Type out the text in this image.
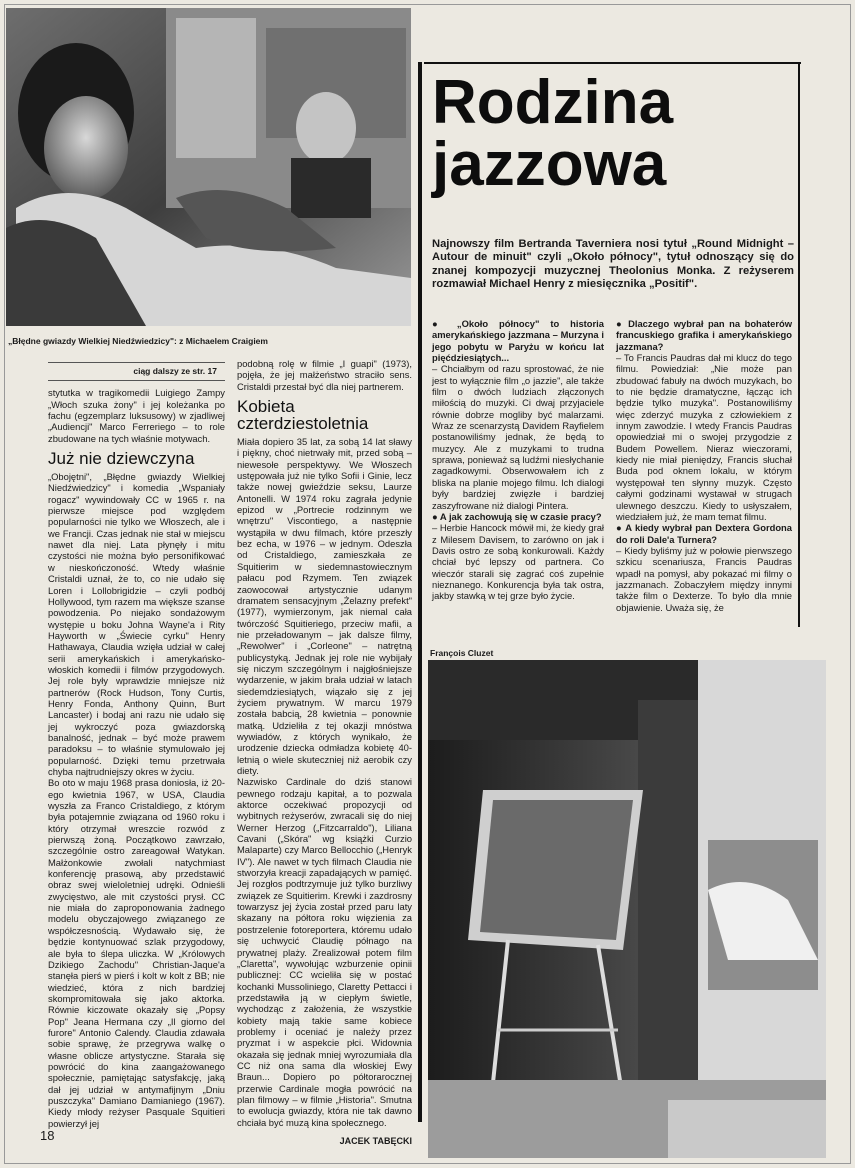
„Błędne gwiazdy Wielkiej Niedźwiedzicy": z Michaelem Craigiem
ciąg dalszy ze str. 17

stytutka w tragikomedii Luigiego Zampy „Włoch szuka żony" i jej koleżanka po fachu (egzemplarz luksusowy) w zjadliwej „Audiencji" Marco Ferreriego – to role zbudowane na tych właśnie motywach.

Już nie dziewczyna

„Obojętni", „Błędne gwiazdy Wielkiej Niedźwiedzicy" i komedia „Wspaniały rogacz" wywindowały CC w 1965 r. na pierwsze miejsce pod względem popularności nie tylko we Włoszech, ale i we Francji. Czas jednak nie stał w miejscu nawet dla niej. Lata płynęły i mitu czystości nie można było personifikować w nieskończoność. Wtedy właśnie Cristaldi uznał, że to, co nie udało się Loren i Lollobrigidzie – czyli podbój Hollywood, tym razem ma większe szanse powodzenia. Po niejako sondażowym występie u boku Johna Wayne'a i Rity Hayworth w „Świecie cyrku" Henry Hathawaya, Claudia wzięła udział w całej serii amerykańskich i amerykańsko-włoskich komedii i filmów przygodowych. Jej role były wprawdzie mniejsze niż partnerów (Rock Hudson, Tony Curtis, Henry Fonda, Anthony Quinn, Burt Lancaster) i bodaj ani razu nie udało się jej wykroczyć poza gwiazdorską banalność, jednak – być może prawem paradoksu – to właśnie stymulowało jej popularność. Dzięki temu przetrwała chyba najtrudniejszy okres w życiu.

Bo oto w maju 1968 prasa doniosła, iż 20-ego kwietnia 1967, w USA, Claudia wyszła za Franco Cristaldiego, z którym była potajemnie związana od 1960 roku i który otrzymał wreszcie rozwód z pierwszą żoną. Początkowo zawrzało, szczególnie ostro zareagował Watykan. Małżonkowie zwołali natychmiast konferencję prasową, aby przedstawić obraz swej wieloletniej udręki. Odnieśli zwycięstwo, ale mit czystości prysł. CC nie miała do zaproponowania żadnego modelu obyczajowego związanego ze współczesnością. Wydawało się, że będzie kontynuować szlak przygodowy, ale była to ślepa uliczka. W „Królowych Dzikiego Zachodu" Christian-Jaque'a stanęła pierś w pierś i kolt w kolt z BB; nie wiedzieć, która z nich bardziej skompromitowała się jako aktorka. Równie kiczowate okazały się „Popsy Pop" Jeana Hermana czy „Il giorno del furore" Antonio Calendy. Claudia zdawała sobie sprawę, że przegrywa walkę o własne oblicze artystyczne. Starała się powrócić do kina zaangażowanego społecznie, pamiętając satysfakcję, jaką dał jej udział w antymafijnym „Dniu puszczyka" Damiano Damianiego (1967). Kiedy młody reżyser Pasquale Squitieri powierzył jej

podobną rolę w filmie „I guapi" (1973), pojęła, że jej małżeństwo straciło sens. Cristaldi przestał być dla niej partnerem.

Kobieta czterdziestoletnia

Miała dopiero 35 lat, za sobą 14 lat sławy i piękny, choć nietrwały mit, przed sobą – niewesołe perspektywy. We Włoszech ustępowała już nie tylko Sofii i Ginie, lecz także nowej gwieździe seksu, Laurze Antonelli. W 1974 roku zagrała jedynie epizod w „Portrecie rodzinnym we wnętrzu" Viscontiego, a następnie wystąpiła w dwu filmach, które przeszły bez echa, w 1976 – w jednym. Odeszła od Cristaldiego, zamieszkała ze Squitierim w siedemnastowiecznym pałacu pod Rzymem. Ten związek zaowocował artystycznie udanym dramatem sensacyjnym „Żelazny prefekt" (1977), wymierzonym, jak niemal cała twórczość Squitieriego, przeciw mafii, a nie przeładowanym – jak dalsze filmy, „Rewolwer" i „Corleone" – natrętną publicystyką. Jednak jej role nie wybijały się niczym szczególnym i najgłośniejsze wydarzenie, w jakim brała udział w latach siedemdziesiątych, wiązało się z jej życiem prywatnym. W marcu 1979 została babcią, 28 kwietnia – ponownie matką. Udzieliła z tej okazji mnóstwa wywiadów, z których wynikało, że urodzenie dziecka odmładza kobietę 40-letnią o wiele skuteczniej niż aerobik czy diety.

Nazwisko Cardinale do dziś stanowi pewnego rodzaju kapitał, a to pozwala aktorce oczekiwać propozycji od wybitnych reżyserów, zwracali się do niej Werner Herzog („Fitzcarraldo"), Liliana Cavani („Skóra" wg książki Curzio Malaparte) czy Marco Bellocchio („Henryk IV"). Ale nawet w tych filmach Claudia nie stworzyła kreacji zapadających w pamięć. Jej rozgłos podtrzymuje już tylko burzliwy związek ze Squitierim. Krewki i zazdrosny towarzysz jej życia został przed paru laty skazany na półtora roku więzienia za postrzelenie fotoreportera, któremu udało się uchwycić Claudię półnago na prywatnej plaży. Zrealizował potem film „Claretta", wywołując wzburzenie opinii publicznej: CC wcieliła się w postać kochanki Mussoliniego, Claretty Pettacci i przedstawiła ją w ciepłym świetle, wychodząc z założenia, że wszystkie kobiety mają takie same kobiece problemy i oceniać je należy przez pryzmat i w aspekcie płci. Widownia okazała się jednak mniej wyrozumiała dla CC niż ona sama dla włoskiej Ewy Braun... Dopiero po półtorarocznej przerwie Cardinale mogła powrócić na plan filmowy – w filmie „Historia". Smutna to ewolucja gwiazdy, która nie tak dawno chciała być muzą kina społecznego.

JACEK TABĘCKI
Rodzina
jazzowa
Najnowszy film Bertranda Taverniera nosi tytuł „Round Midnight – Autour de minuit" czyli „Około północy", tytuł odnoszący się do znanej kompozycji muzycznej Theolonius Monka. Z reżyserem rozmawiał Michael Henry z miesięcznika „Positif".

● „Około północy" to historia amerykańskiego jazzmana – Murzyna i jego pobytu w Paryżu w końcu lat pięćdziesiątych...

– Chciałbym od razu sprostować, że nie jest to wyłącznie film „o jazzie", ale także film o dwóch ludziach złączonych miłością do muzyki. Ci dwaj przyjaciele równie dobrze mogliby być malarzami. Wraz ze scenarzystą Davidem Rayfielem postanowiliśmy jednak, że będą to muzycy. Ale z muzykami to trudna sprawa, ponieważ są ludźmi niesłychanie zagadkowymi. Obserwowałem ich z bliska na planie mojego filmu. Ich dialogi były bardziej zwięzłe i bardziej zaszyfrowane niż dialogi Pintera.

● A jak zachowują się w czasie pracy?

– Herbie Hancock mówił mi, że kiedy grał z Milesem Davisem, to zarówno on jak i Davis ostro ze sobą konkurowali. Każdy chciał być lepszy od partnera. Co wieczór starali się zagrać coś zupełnie nieznanego. Konkurencja była tak ostra, jakby stawką w tej grze było życie.

● Dlaczego wybrał pan na bohaterów francuskiego grafika i amerykańskiego jazzmana?

– To Francis Paudras dał mi klucz do tego filmu. Powiedział: „Nie może pan zbudować fabuły na dwóch muzykach, bo to nie będzie dramatyczne, łącząc ich będzie tylko muzyka". Postanowiliśmy więc zderzyć muzyka z człowiekiem z innym zawodzie. I wtedy Francis Paudras opowiedział mi o swojej przygodzie z Budem Powellem. Nieraz wieczorami, kiedy nie miał pieniędzy, Francis słuchał Buda pod oknem lokalu, w którym występował ten słynny muzyk. Często całymi godzinami wystawał w strugach ulewnego deszczu. Kiedy to usłyszałem, wiedziałem już, że mam temat filmu.

● A kiedy wybrał pan Dextera Gordona do roli Dale'a Turnera?

– Kiedy byliśmy już w połowie pierwszego szkicu scenariusza, Francis Paudras wpadł na pomysł, aby pokazać mi filmy o jazzmanach. Zobaczyłem między innymi także film o Dexterze. To było dla mnie objawienie. Uważa się, że

François Cluzet
18
